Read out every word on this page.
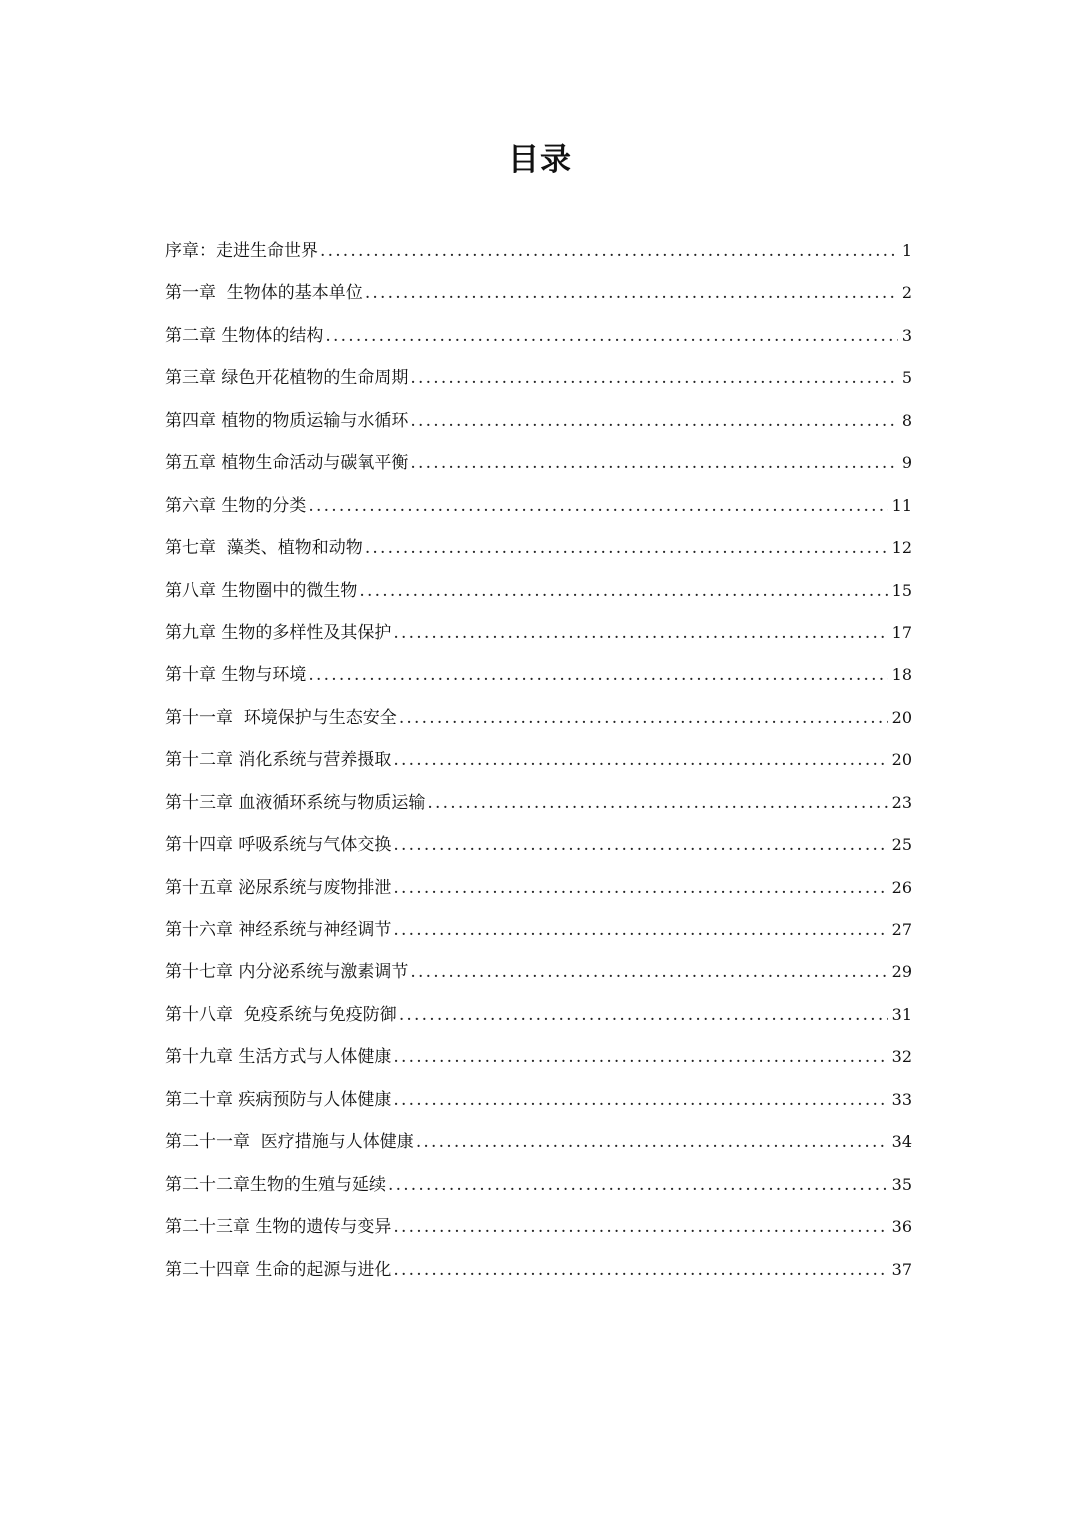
目录
序章：走进生命世界 .....	1
第一章  生物体的基本单位 .....	2
第二章 生物体的结构 .....	3
第三章 绿色开花植物的生命周期 .....	5
第四章 植物的物质运输与水循环 .....	8
第五章 植物生命活动与碳氧平衡 .....	9
第六章 生物的分类 .....	11
第七章  藻类、植物和动物 .....	12
第八章 生物圈中的微生物 .....	15
第九章 生物的多样性及其保护 .....	17
第十章 生物与环境 .....	18
第十一章  环境保护与生态安全 .....	20
第十二章 消化系统与营养摄取 .....	20
第十三章 血液循环系统与物质运输 .....	23
第十四章 呼吸系统与气体交换 .....	25
第十五章 泌尿系统与废物排泄 .....	26
第十六章 神经系统与神经调节 .....	27
第十七章 内分泌系统与激素调节 .....	29
第十八章  免疫系统与免疫防御 .....	31
第十九章 生活方式与人体健康 .....	32
第二十章 疾病预防与人体健康 .....	33
第二十一章  医疗措施与人体健康 .....	34
第二十二章生物的生殖与延续 .....	35
第二十三章 生物的遗传与变异 .....	36
第二十四章 生命的起源与进化 .....	37
